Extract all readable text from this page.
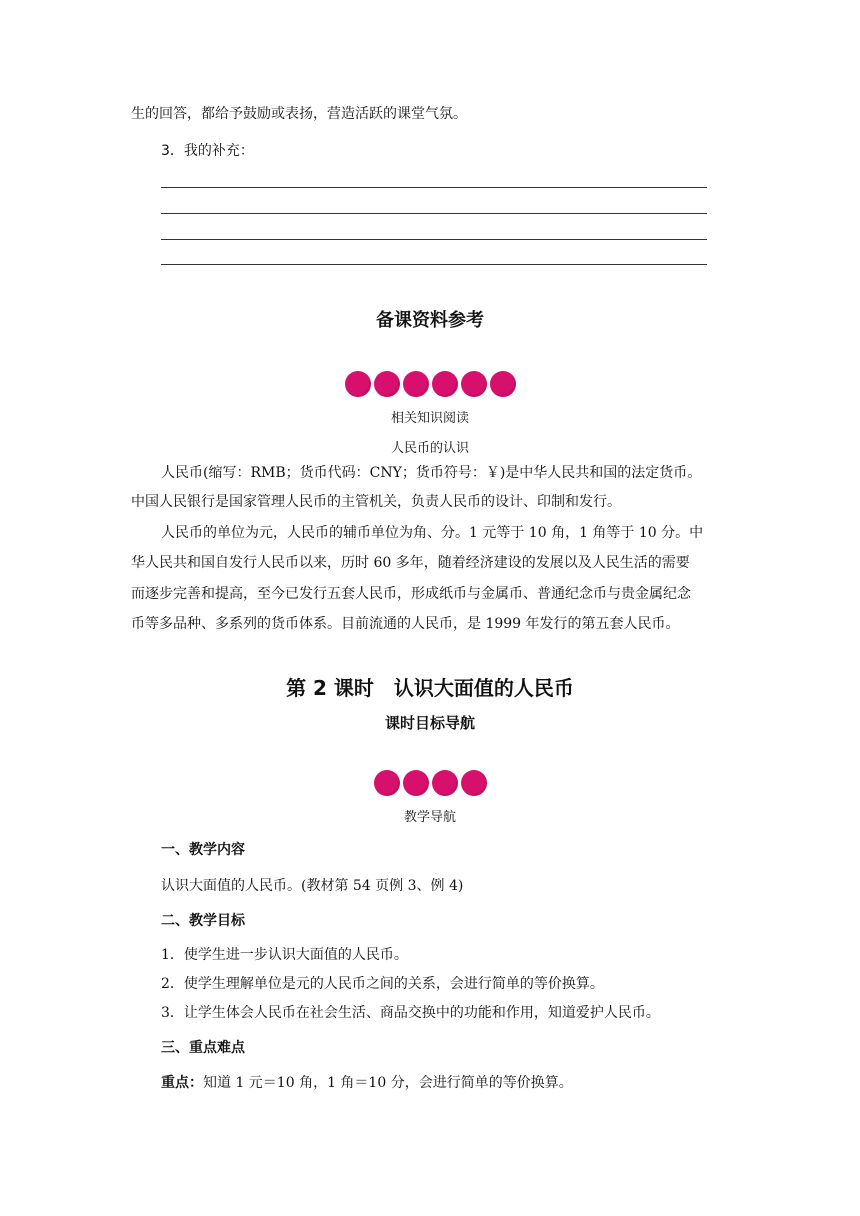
生的回答，都给予鼓励或表扬，营造活跃的课堂气氛。
3．我的补充：
备课资料参考
相关知识阅读
人民币的认识
人民币(缩写：RMB；货币代码：CNY；货币符号：￥)是中华人民共和国的法定货币。
中国人民银行是国家管理人民币的主管机关，负责人民币的设计、印制和发行。
人民币的单位为元，人民币的辅币单位为角、分。1 元等于 10 角，1 角等于 10 分。中
华人民共和国自发行人民币以来，历时 60 多年，随着经济建设的发展以及人民生活的需要
而逐步完善和提高，至今已发行五套人民币，形成纸币与金属币、普通纪念币与贵金属纪念
币等多品种、多系列的货币体系。目前流通的人民币，是 1999 年发行的第五套人民币。
第 2 课时　认识大面值的人民币
课时目标导航
教学导航
一、教学内容
认识大面值的人民币。(教材第 54 页例 3、例 4)
二、教学目标
1．使学生进一步认识大面值的人民币。
2．使学生理解单位是元的人民币之间的关系，会进行简单的等价换算。
3．让学生体会人民币在社会生活、商品交换中的功能和作用，知道爱护人民币。
三、重点难点
重点：知道 1 元＝10 角，1 角＝10 分，会进行简单的等价换算。
